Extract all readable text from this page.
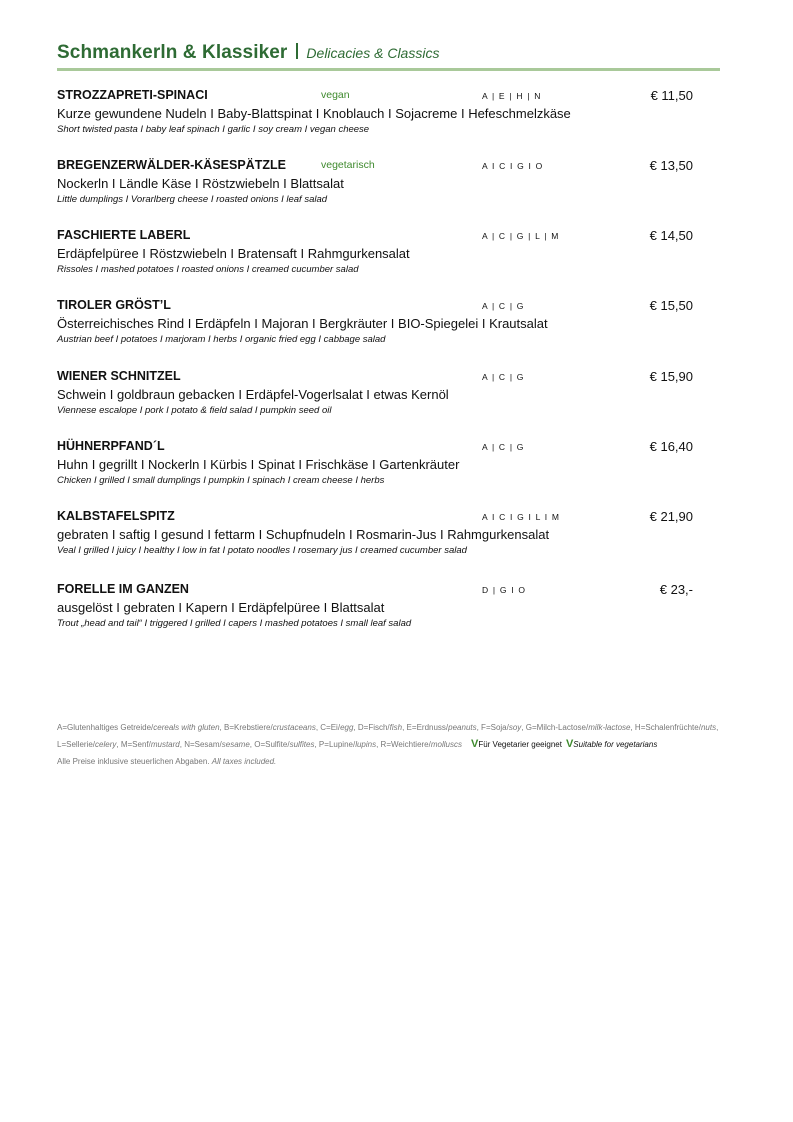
Schmankerln & Klassiker Delicacies & Classics
STROZZAPRETI-SPINACI	vegan	A | E | H | N	€ 11,50
Kurze gewundene Nudeln I Baby-Blattspinat I Knoblauch I Sojacreme I Hefeschmelzkäse
Short twisted pasta I baby leaf spinach I garlic I soy cream I vegan cheese
BREGENZERWÄLDER-KÄSESPÄTZLE	vegetarisch	A I C I G I O	€ 13,50
Nockerln I Ländle Käse I Röstzwiebeln I Blattsalat
Little dumplings I Vorarlberg cheese I roasted onions I leaf salad
FASCHIERTE LABERL	A | C | G | L | M	€ 14,50
Erdäpfelpüree I Röstzwiebeln I Bratensaft I Rahmgurkensalat
Rissoles I mashed potatoes I roasted onions I creamed cucumber salad
TIROLER GRÖST’L	A | C | G	€ 15,50
Österreichisches Rind I Erdäpfeln I Majoran I Bergkräuter I BIO-Spiegelei I Krautsalat
Austrian beef I potatoes I marjoram I herbs I organic fried egg I cabbage salad
WIENER SCHNITZEL	A | C | G	€ 15,90
Schwein I goldbraun gebacken I Erdäpfel-Vogerlsalat I etwas Kernöl
Viennese escalope I pork I potato & field salad I pumpkin seed oil
HÜHNERPFAND´L	A | C | G	€ 16,40
Huhn I gegrillt I Nockerln I Kürbis I Spinat I Frischkäse I Gartenkräuter
Chicken I grilled I small dumplings I pumpkin I spinach I cream cheese I herbs
KALBSTAFELSPITZ	A I C I G I L I M	€ 21,90
gebraten I saftig I gesund I fettarm I Schupfnudeln I Rosmarin-Jus I Rahmgurkensalat
Veal I grilled I juicy I healthy I low in fat I potato noodles I rosemary jus I creamed cucumber salad
FORELLE IM GANZEN	D | G I O	€ 23,-
ausgelöst I gebraten I Kapern I Erdäpfelpüree I Blattsalat
Trout „head and tail“ I triggered I grilled I capers I mashed potatoes I small leaf salad
A=Glutenhaltiges Getreide/cereals with gluten, B=Krebstiere/crustaceans, C=Ei/egg, D=Fisch/fish, E=Erdnuss/peanuts, F=Soja/soy, G=Milch-Lactose/milk-lactose, H=Schalenfrüchte/nuts,
L=Sellerie/celery, M=Senf/mustard, N=Sesam/sesame, O=Sulfite/sulfites, P=Lupine/lupins, R=Weichtiere/molluscs VFür Vegetarier geeignet VSuitable for vegetarians
Alle Preise inklusive steuerlichen Abgaben. All taxes included.
